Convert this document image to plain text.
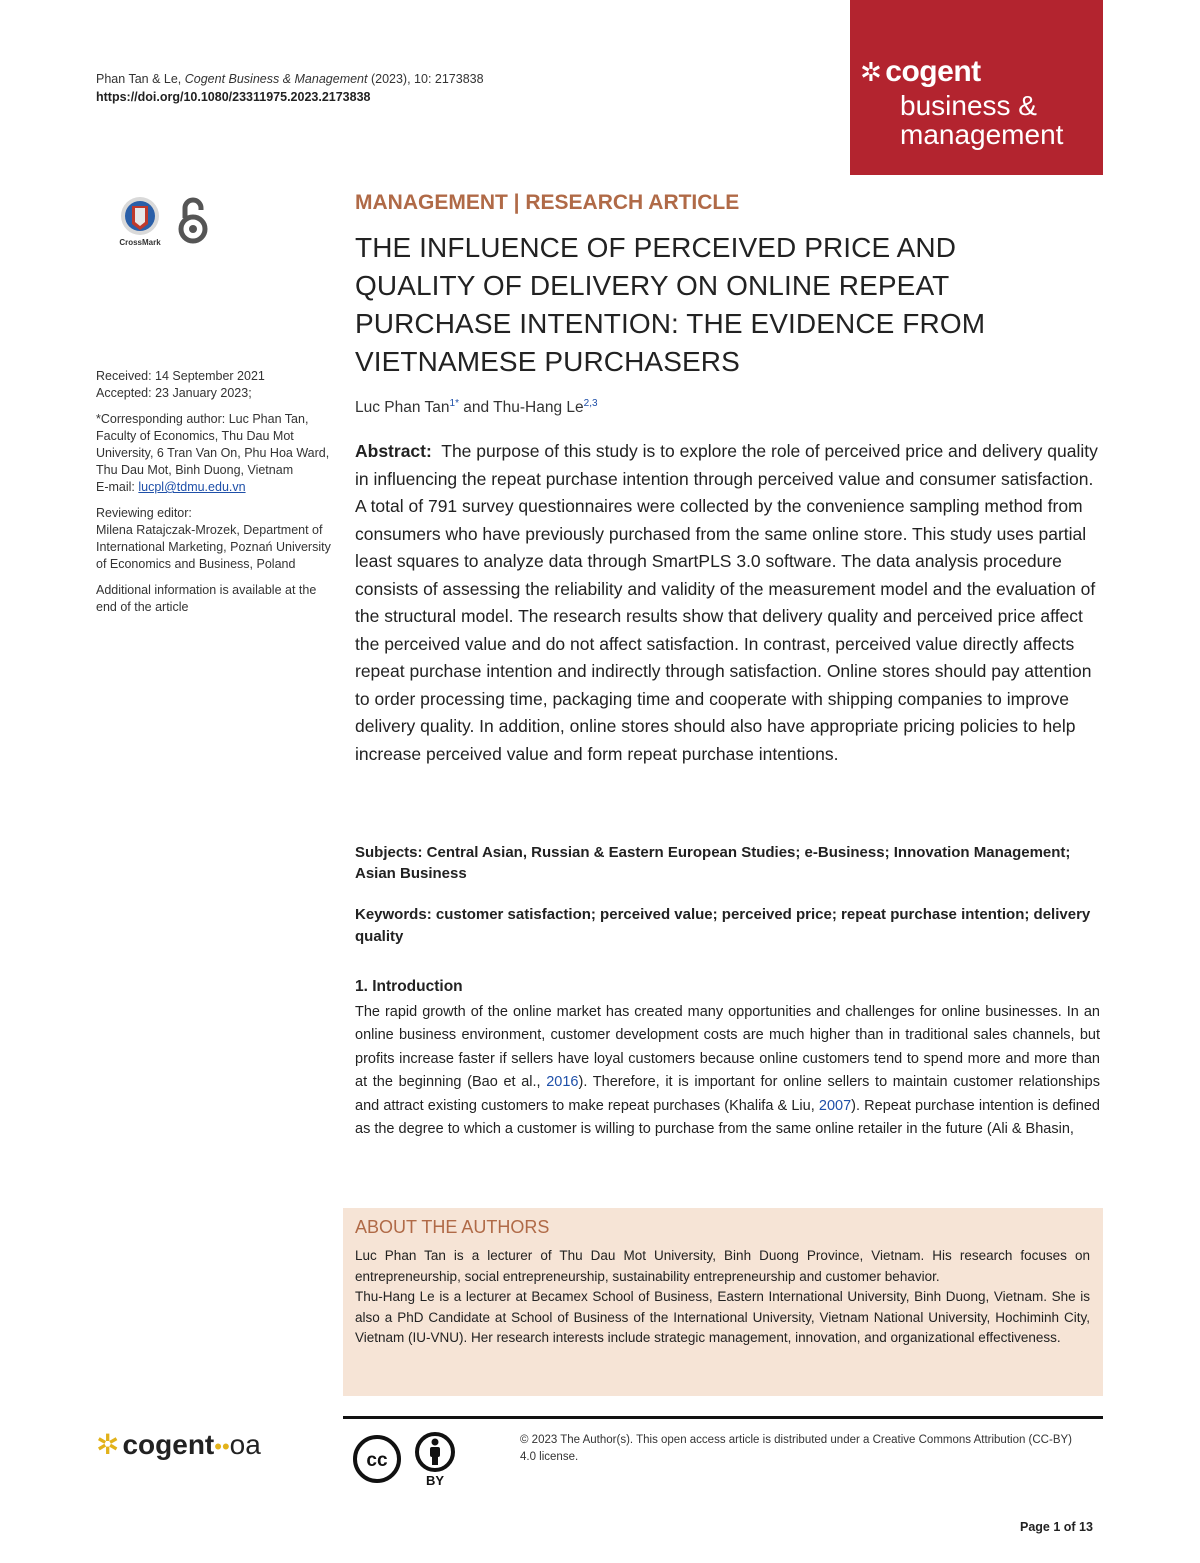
Phan Tan & Le, Cogent Business & Management (2023), 10: 2173838
https://doi.org/10.1080/23311975.2023.2173838
✲ cogent
business &
management
CrossMark

Received: 14 September 2021
Accepted: 23 January 2023;

*Corresponding author: Luc Phan Tan, Faculty of Economics, Thu Dau Mot University, 6 Tran Van On, Phu Hoa Ward, Thu Dau Mot, Binh Duong, Vietnam
E-mail: lucpl@tdmu.edu.vn

Reviewing editor:
Milena Ratajczak-Mrozek, Department of International Marketing, Poznań University of Economics and Business, Poland

Additional information is available at the end of the article

MANAGEMENT | RESEARCH ARTICLE
THE INFLUENCE OF PERCEIVED PRICE AND QUALITY OF DELIVERY ON ONLINE REPEAT PURCHASE INTENTION: THE EVIDENCE FROM VIETNAMESE PURCHASERS
Luc Phan Tan$^{1*}$ and Thu-Hang Le$^{2,3}$

Abstract: The purpose of this study is to explore the role of perceived price and delivery quality in influencing the repeat purchase intention through perceived value and consumer satisfaction. A total of 791 survey questionnaires were collected by the convenience sampling method from consumers who have previously purchased from the same online store. This study uses partial least squares to analyze data through SmartPLS 3.0 software. The data analysis procedure consists of assessing the reliability and validity of the measurement model and the evaluation of the structural model. The research results show that delivery quality and perceived price affect the perceived value and do not affect satisfaction. In contrast, perceived value directly affects repeat purchase intention and indirectly through satisfaction. Online stores should pay attention to order processing time, packaging time and cooperate with shipping companies to improve delivery quality. In addition, online stores should also have appropriate pricing policies to help increase perceived value and form repeat purchase intentions.

Subjects: Central Asian, Russian & Eastern European Studies; e-Business; Innovation Management; Asian Business
Keywords: customer satisfaction; perceived value; perceived price; repeat purchase intention; delivery quality
1. Introduction

The rapid growth of the online market has created many opportunities and challenges for online businesses. In an online business environment, customer development costs are much higher than in traditional sales channels, but profits increase faster if sellers have loyal customers because online customers tend to spend more and more than at the beginning (Bao et al., 2016). Therefore, it is important for online sellers to maintain customer relationships and attract existing customers to make repeat purchases (Khalifa & Liu, 2007). Repeat purchase intention is defined as the degree to which a customer is willing to purchase from the same online retailer in the future (Ali & Bhasin,

ABOUT THE AUTHORS

Luc Phan Tan is a lecturer of Thu Dau Mot University, Binh Duong Province, Vietnam. His research focuses on entrepreneurship, social entrepreneurship, sustainability entrepreneurship and customer behavior.

Thu-Hang Le is a lecturer at Becamex School of Business, Eastern International University, Binh Duong, Vietnam. She is also a PhD Candidate at School of Business of the International University, Vietnam National University, Hochiminh City, Vietnam (IU-VNU). Her research interests include strategic management, innovation, and organizational effectiveness.

✲ cogent••oa
cc
BY
© 2023 The Author(s). This open access article is distributed under a Creative Commons Attribution (CC-BY) 4.0 license.
Page 1 of 13
